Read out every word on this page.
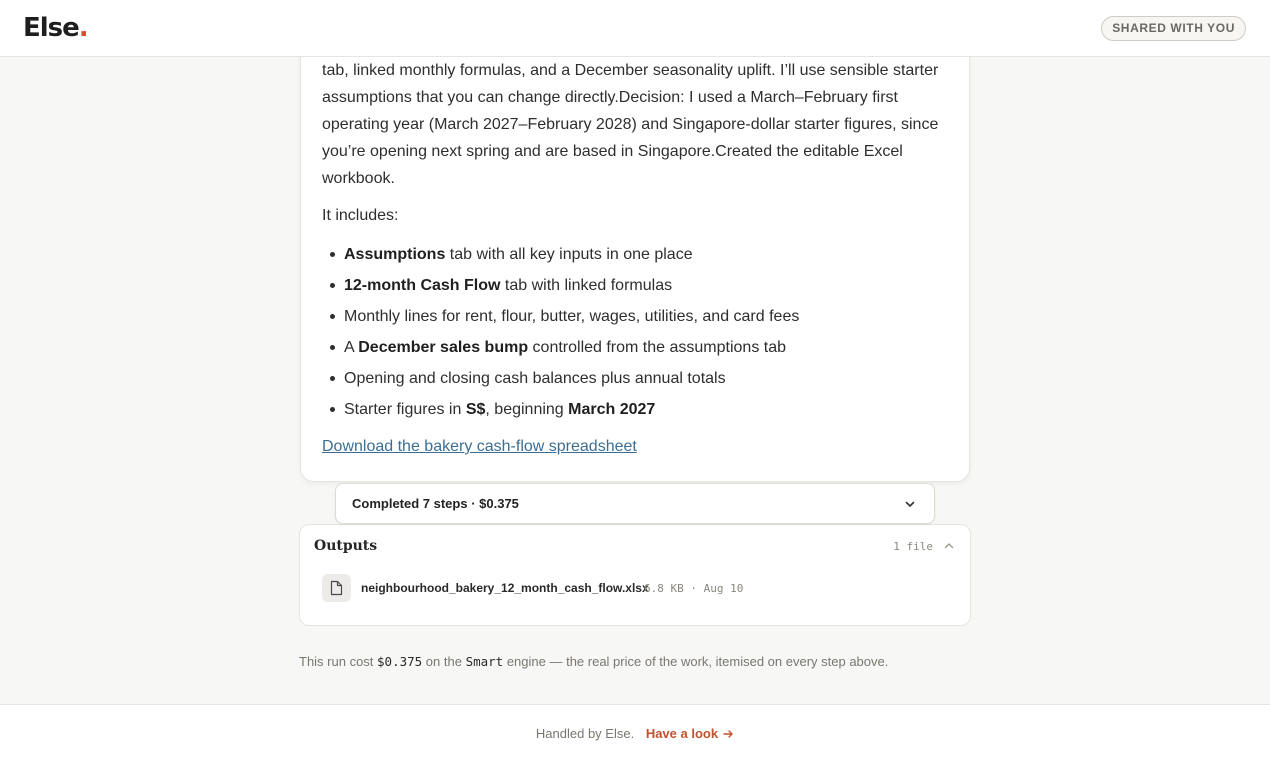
Else.	SHARED WITH YOU

tab, linked monthly formulas, and a December seasonality uplift. I’ll use sensible starter assumptions that you can change directly.Decision: I used a March–February first operating year (March 2027–February 2028) and Singapore-dollar starter figures, since you’re opening next spring and are based in Singapore.Created the editable Excel workbook.

It includes:

Assumptions tab with all key inputs in one place
12-month Cash Flow tab with linked formulas
Monthly lines for rent, flour, butter, wages, utilities, and card fees
A December sales bump controlled from the assumptions tab
Opening and closing cash balances plus annual totals
Starter figures in S$, beginning March 2027
Download the bakery cash-flow spreadsheet
Completed 7 steps · $0.375
Outputs	1 file
neighbourhood_bakery_12_month_cash_flow.xlsx
6.8 KB · Aug 10
This run cost $0.375 on the Smart engine — the real price of the work, itemised on every step above.
Handled by Else. Have a look
